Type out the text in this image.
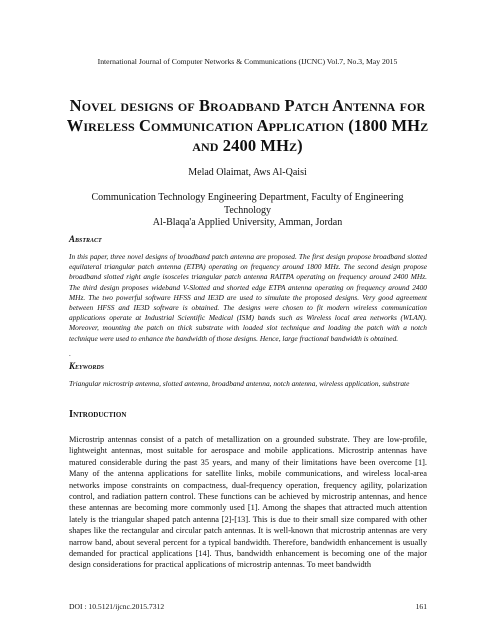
International Journal of Computer Networks & Communications (IJCNC) Vol.7, No.3, May 2015
Novel designs of Broadband Patch Antenna for Wireless Communication Application (1800 MHz and 2400 MHz)
Melad Olaimat, Aws Al-Qaisi
Communication Technology Engineering Department, Faculty of Engineering
Technology
Al-Blaqa'a Applied University, Amman, Jordan
Abstract
In this paper, three novel designs of broadband patch antenna are proposed. The first design propose broadband slotted equilateral triangular patch antenna (ETPA) operating on frequency around 1800 MHz. The second design propose broadband slotted right angle isosceles triangular patch antenna RAITPA operating on frequency around 2400 MHz. The third design proposes wideband V-Slotted and shorted edge ETPA antenna operating on frequency around 2400 MHz. The two powerful software HFSS and IE3D are used to simulate the proposed designs. Very good agreement between HFSS and IE3D software is obtained. The designs were chosen to fit modern wireless communication applications operate at Industrial Scientific Medical (ISM) bands such as Wireless local area networks (WLAN). Moreover, mounting the patch on thick substrate with loaded slot technique and loading the patch with a notch technique were used to enhance the bandwidth of those designs. Hence, large fractional bandwidth is obtained.
.
Keywords
Triangular microstrip antenna, slotted antenna, broadband antenna, notch antenna, wireless application, substrate
Introduction
Microstrip antennas consist of a patch of metallization on a grounded substrate. They are low-profile, lightweight antennas, most suitable for aerospace and mobile applications. Microstrip antennas have matured considerable during the past 35 years, and many of their limitations have been overcome [1]. Many of the antenna applications for satellite links, mobile communications, and wireless local-area networks impose constraints on compactness, dual-frequency operation, frequency agility, polarization control, and radiation pattern control. These functions can be achieved by microstrip antennas, and hence these antennas are becoming more commonly used [1]. Among the shapes that attracted much attention lately is the triangular shaped patch antenna [2]-[13]. This is due to their small size compared with other shapes like the rectangular and circular patch antennas. It is well-known that microstrip antennas are very narrow band, about several percent for a typical bandwidth. Therefore, bandwidth enhancement is usually demanded for practical applications [14]. Thus, bandwidth enhancement is becoming one of the major design considerations for practical applications of microstrip antennas. To meet bandwidth
DOI : 10.5121/ijcnc.2015.7312	161
